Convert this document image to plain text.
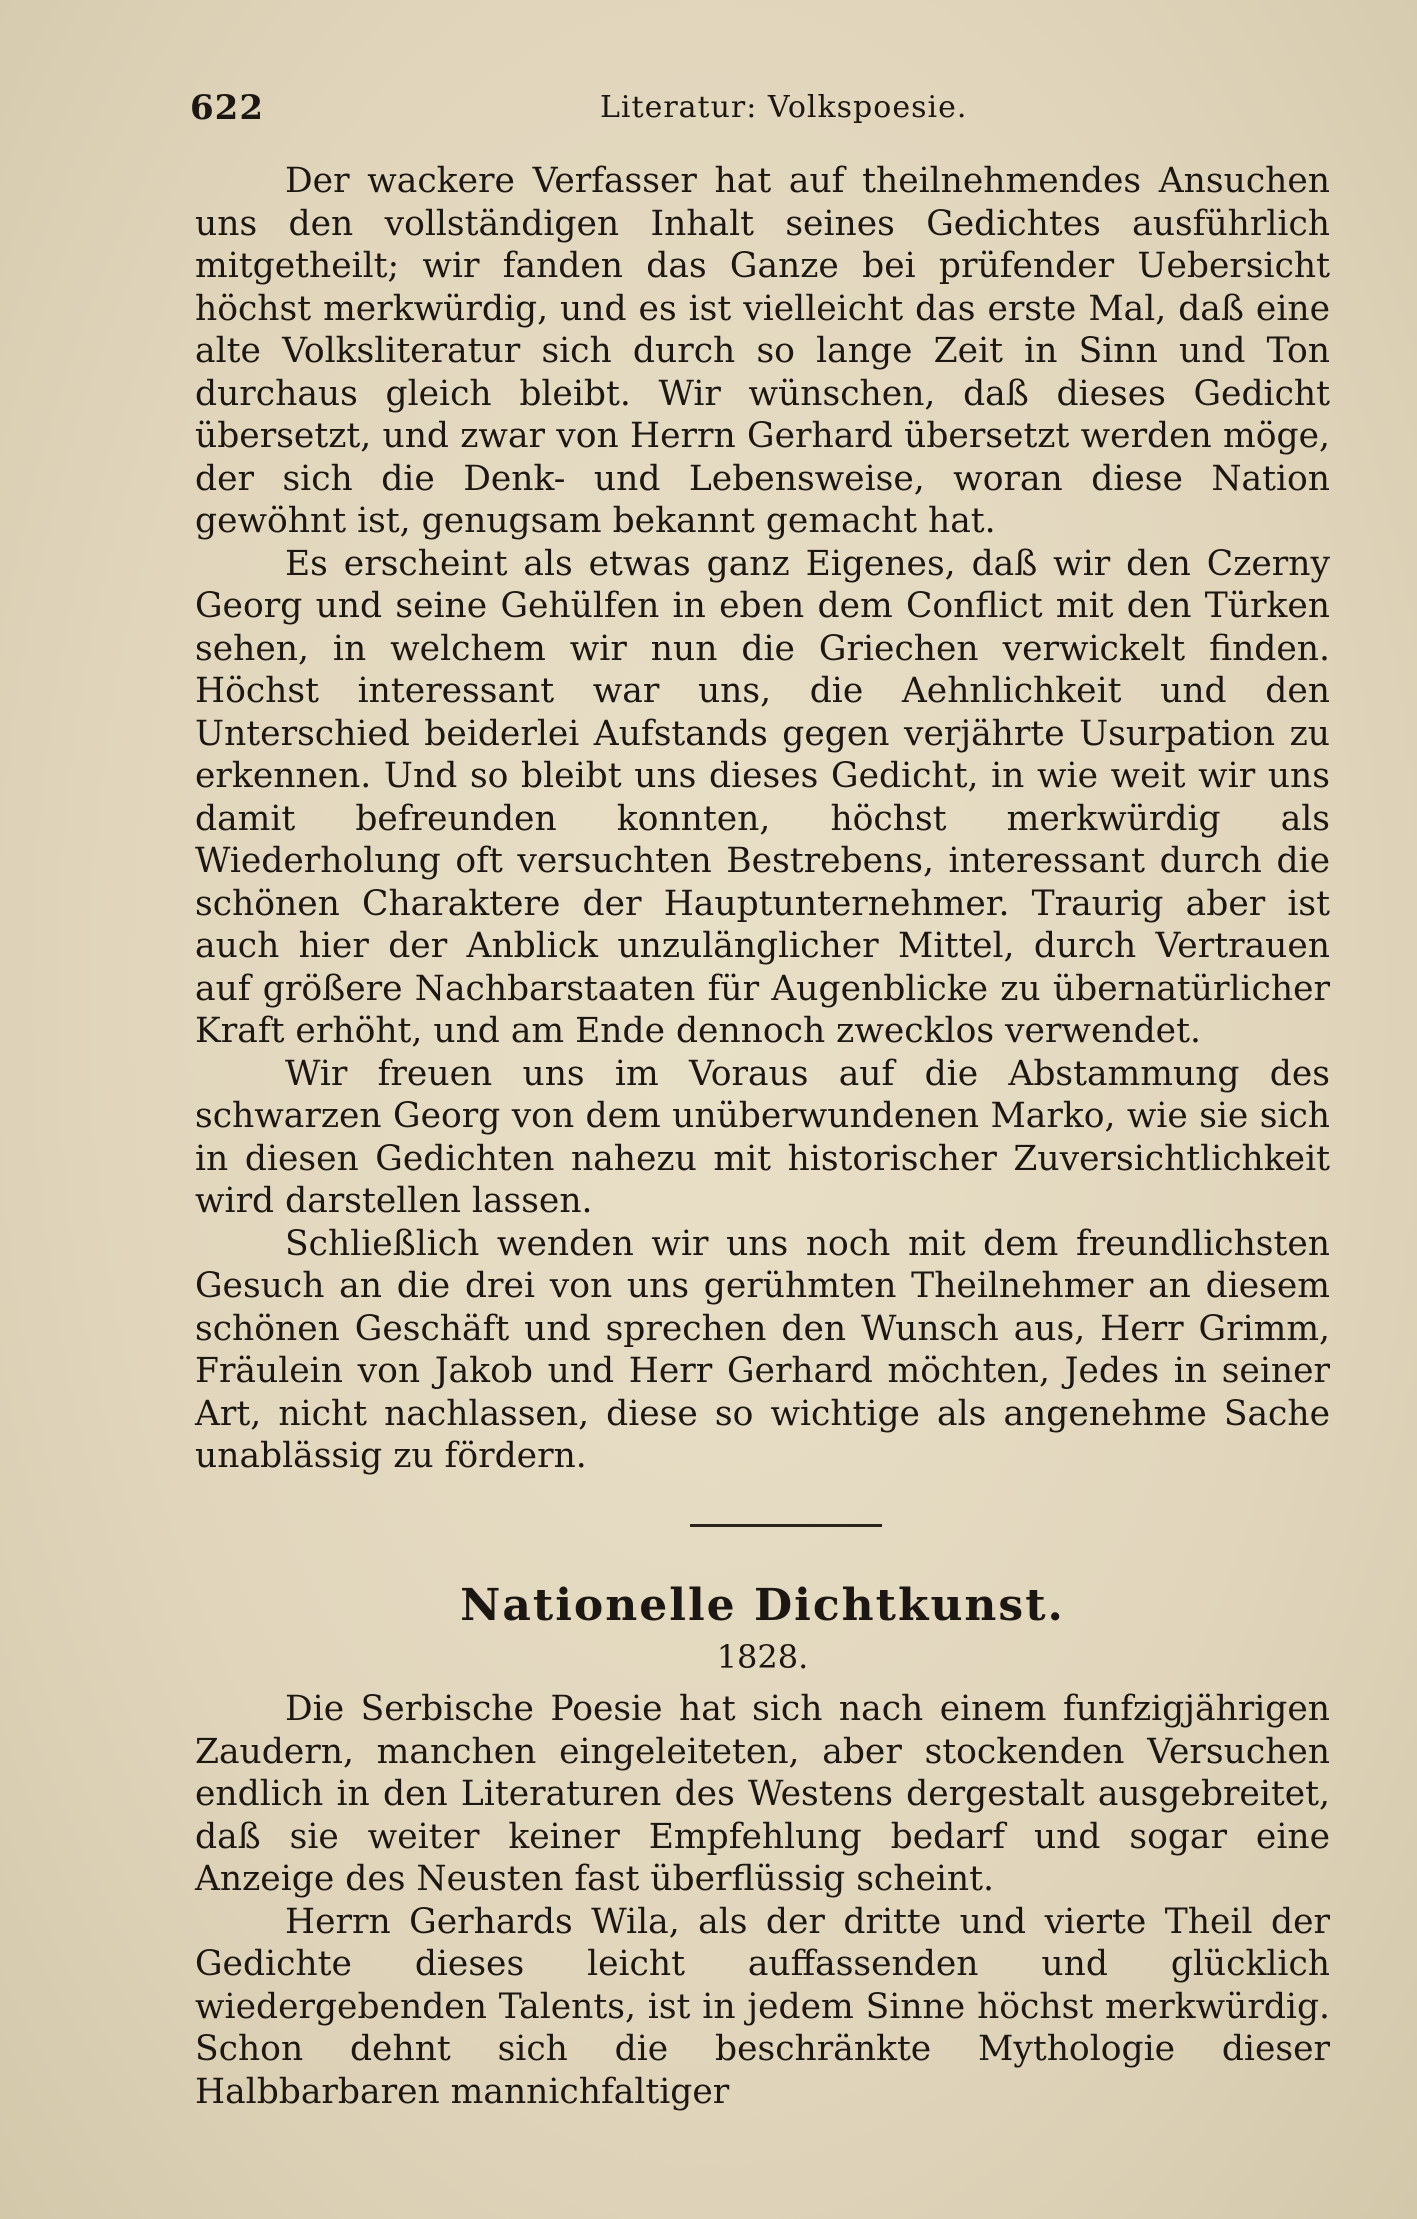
622	Literatur: Volkspoesie.

Der wackere Verfasser hat auf theilnehmendes Ansuchen uns den vollständigen Inhalt seines Gedichtes ausführlich mitgetheilt; wir fanden das Ganze bei prüfender Uebersicht höchst merkwürdig, und es ist vielleicht das erste Mal, daß eine alte Volksliteratur sich durch so lange Zeit in Sinn und Ton durchaus gleich bleibt. Wir wünschen, daß dieses Gedicht übersetzt, und zwar von Herrn Gerhard übersetzt werden möge, der sich die Denk- und Lebensweise, woran diese Nation gewöhnt ist, genugsam bekannt gemacht hat.

Es erscheint als etwas ganz Eigenes, daß wir den Czerny Georg und seine Gehülfen in eben dem Conflict mit den Türken sehen, in welchem wir nun die Griechen verwickelt finden. Höchst interessant war uns, die Aehnlichkeit und den Unterschied beiderlei Aufstands gegen verjährte Usurpation zu erkennen. Und so bleibt uns dieses Gedicht, in wie weit wir uns damit befreunden konnten, höchst merkwürdig als Wiederholung oft versuchten Bestrebens, interessant durch die schönen Charaktere der Hauptunternehmer. Traurig aber ist auch hier der Anblick unzulänglicher Mittel, durch Vertrauen auf größere Nachbarstaaten für Augenblicke zu übernatürlicher Kraft erhöht, und am Ende dennoch zwecklos verwendet.

Wir freuen uns im Voraus auf die Abstammung des schwarzen Georg von dem unüberwundenen Marko, wie sie sich in diesen Gedichten nahezu mit historischer Zuversichtlichkeit wird darstellen lassen.

Schließlich wenden wir uns noch mit dem freundlichsten Gesuch an die drei von uns gerühmten Theilnehmer an diesem schönen Geschäft und sprechen den Wunsch aus, Herr Grimm, Fräulein von Jakob und Herr Gerhard möchten, Jedes in seiner Art, nicht nachlassen, diese so wichtige als angenehme Sache unablässig zu fördern.

Nationelle Dichtkunst.
1828.

Die Serbische Poesie hat sich nach einem funfzigjährigen Zaudern, manchen eingeleiteten, aber stockenden Versuchen endlich in den Literaturen des Westens dergestalt ausgebreitet, daß sie weiter keiner Empfehlung bedarf und sogar eine Anzeige des Neusten fast überflüssig scheint.

Herrn Gerhards Wila, als der dritte und vierte Theil der Gedichte dieses leicht auffassenden und glücklich wiedergebenden Talents, ist in jedem Sinne höchst merkwürdig. Schon dehnt sich die beschränkte Mythologie dieser Halbbarbaren mannichfaltiger
